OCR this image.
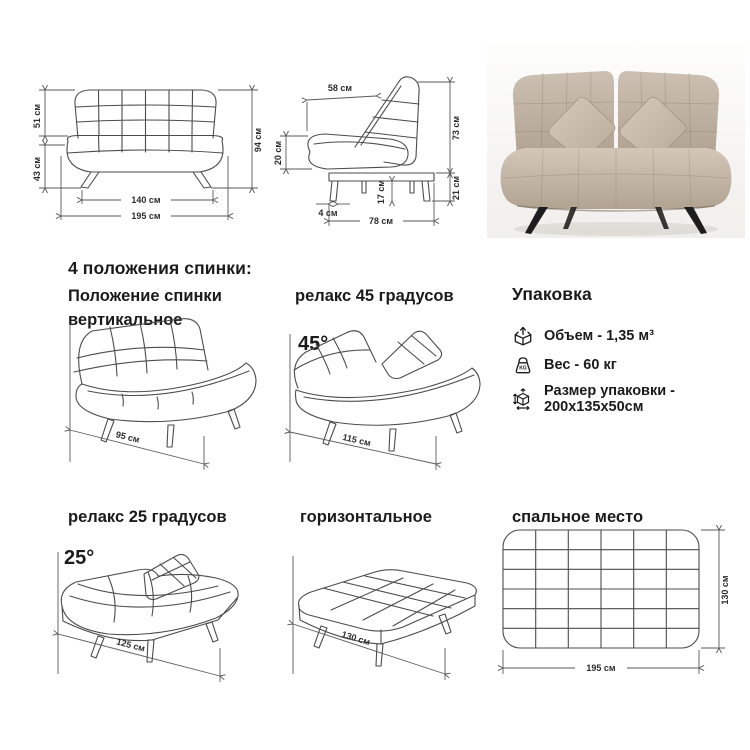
51 см
43 см
94 см
140 см
195 см
58 см
20 см
73 см
21 см
17 см
4 см
78 см
4 положения спинки:
Положение спинки
вертикальное
релакс 45 градусов	Упаковка
Объем - 1,35 м³
KG Вес - 60 кг
Размер упаковки - 200х135х50см
95 см
45°
115 см
релакс 25 градусов	горизонтальное	спальное место
25°
125 см	130 см
130 см
195 см
